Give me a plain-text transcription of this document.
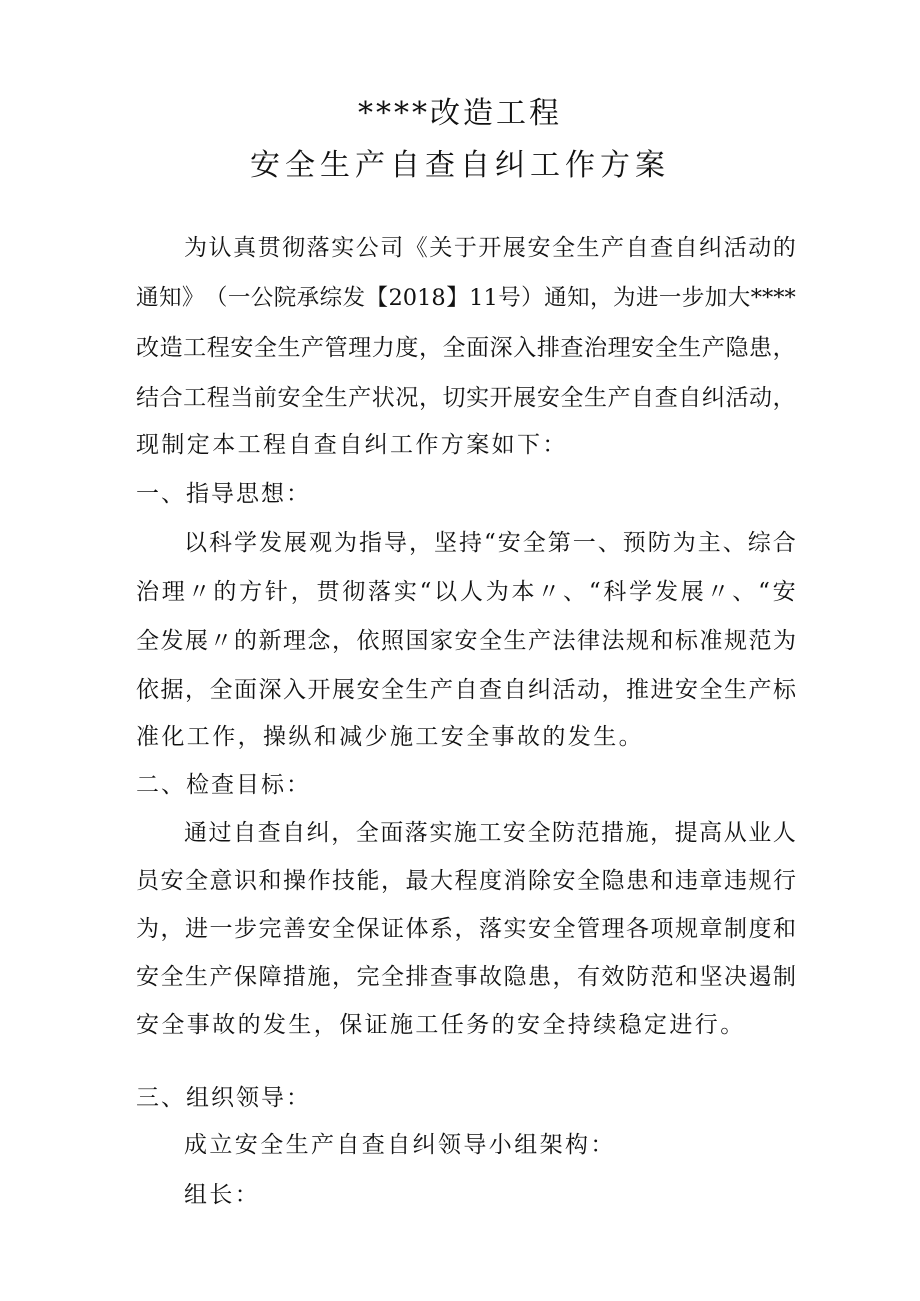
****改造工程
安全生产自查自纠工作方案
为 认 真 贯 彻 落 实 公 司 《 关 于 开 展 安 全 生 产 自 查 自 纠 活 动 的
通 知 》 （ 一 公 院 承 综 发 【 2018 】 11 号 ） 通 知 ， 为 进 一 步 加 大 ****
改 造 工 程 安 全 生 产 管 理 力 度 ， 全 面 深 入 排 查 治 理 安 全 生 产 隐 患 ，
结 合 工 程 当 前 安 全 生 产 状 况 ， 切 实 开 展 安 全 生 产 自 查 自 纠 活 动 ，
现制定本工程自查自纠工作方案如下：
一、指导思想：
以 科 学 发 展 观 为 指 导 ， 坚 持 “ 安 全 第 一 、 预 防 为 主 、 综 合
治 理 〃 的 方 针 ， 贯 彻 落 实 “ 以 人 为 本 〃 、 “ 科 学 发 展 〃 、 “ 安
全 发 展 〃 的 新 理 念 ， 依 照 国 家 安 全 生 产 法 律 法 规 和 标 准 规 范 为
依 据 ， 全 面 深 入 开 展 安 全 生 产 自 查 自 纠 活 动 ， 推 进 安 全 生 产 标
准化工作，操纵和减少施工安全事故的发生。
二、检查目标：
通 过 自 查 自 纠 ， 全 面 落 实 施 工 安 全 防 范 措 施 ， 提 高 从 业 人
员 安 全 意 识 和 操 作 技 能 ， 最 大 程 度 消 除 安 全 隐 患 和 违 章 违 规 行
为 ， 进 一 步 完 善 安 全 保 证 体 系 ， 落 实 安 全 管 理 各 项 规 章 制 度 和
安 全 生 产 保 障 措 施 ， 完 全 排 查 事 故 隐 患 ， 有 效 防 范 和 坚 决 遏 制
安全事故的发生，保证施工任务的安全持续稳定进行。
三、组织领导：
成立安全生产自查自纠领导小组架构：
组长：
